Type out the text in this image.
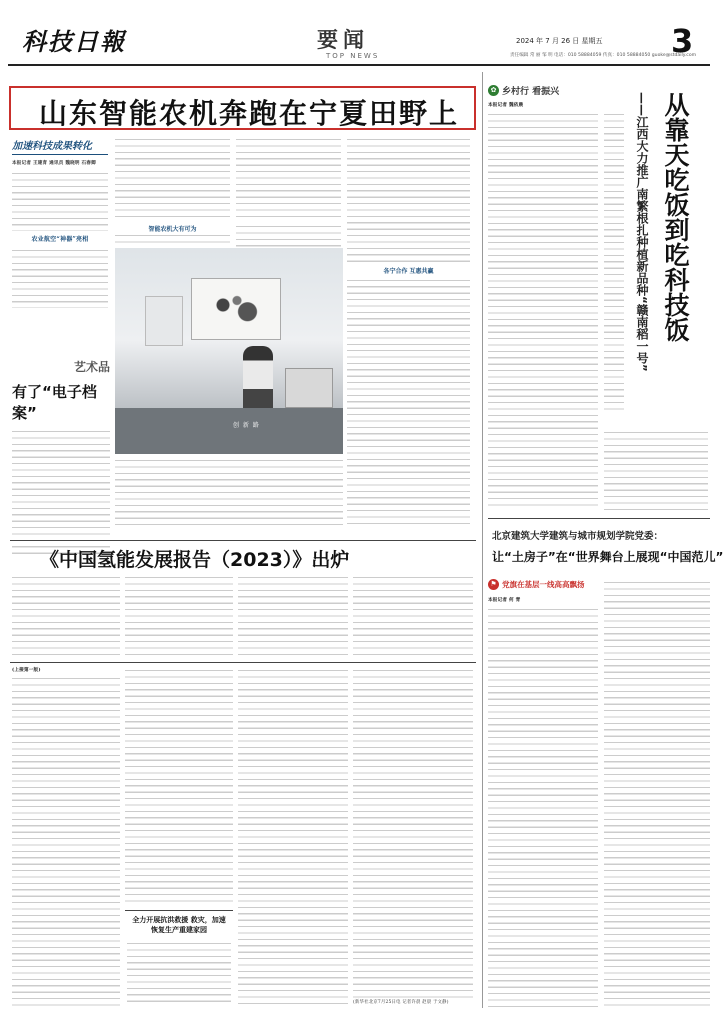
科技日報	要闻
TOP NEWS
2024 年 7 月 26 日 星期五 3
责任编辑 常 丽 邹 明 电话：010 58884059 传真：010 58884050 guoke@stdaily.com
山东智能农机奔跑在宁夏田野上
加速科技成果转化
本报记者 王建育 通讯员 魏晓明 石春卿
农业航空“神器”亮相
智能农机大有可为
各宁合作 互惠共赢
创 新 路
艺术品
有了“电子档案”
《中国氢能发展报告（2023）》出炉
(上接第一版)
全力开展抗洪救援 救灾，加速恢复生产重建家园
(新华社北京7月25日电 记者许晨 赵晨 于文静)
✿ 乡村行 看振兴
本报记者 魏依晨	从靠天吃饭到吃科技饭
——江西大力推广南繁根扎种植新品种“赣南稻一号”
北京建筑大学建筑与城市规划学院党委：
让“土房子”在“世界舞台上展现“中国范儿”
⚑ 党旗在基层一线高高飘扬
本报记者 何 青
